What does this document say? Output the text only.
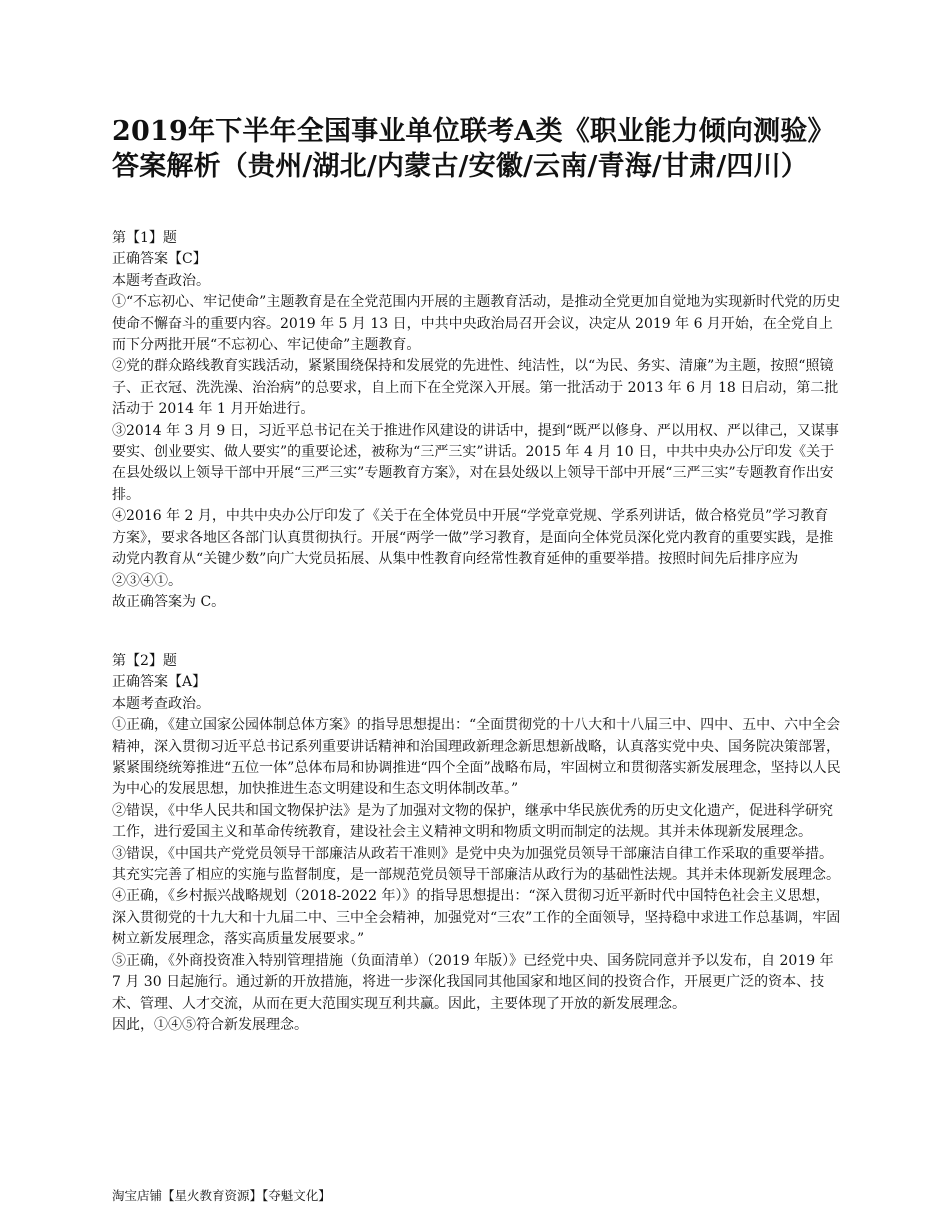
2019年下半年全国事业单位联考A类《职业能力倾向测验》
答案解析（贵州/湖北/内蒙古/安徽/云南/青海/甘肃/四川）

第【1】题

正确答案【C】

本题考查政治。

①“不忘初心、牢记使命”主题教育是在全党范围内开展的主题教育活动，是推动全党更加自觉地为实现新时代党的历史使命不懈奋斗的重要内容。2019 年 5 月 13 日，中共中央政治局召开会议，决定从 2019 年 6 月开始，在全党自上而下分两批开展“不忘初心、牢记使命”主题教育。

②党的群众路线教育实践活动，紧紧围绕保持和发展党的先进性、纯洁性，以“为民、务实、清廉”为主题，按照“照镜子、正衣冠、洗洗澡、治治病”的总要求，自上而下在全党深入开展。第一批活动于 2013 年 6 月 18 日启动，第二批活动于 2014 年 1 月开始进行。

③2014 年 3 月 9 日，习近平总书记在关于推进作风建设的讲话中，提到“既严以修身、严以用权、严以律己，又谋事要实、创业要实、做人要实”的重要论述，被称为“三严三实”讲话。2015 年 4 月 10 日，中共中央办公厅印发《关于在县处级以上领导干部中开展“三严三实”专题教育方案》，对在县处级以上领导干部中开展“三严三实”专题教育作出安排。

④2016 年 2 月，中共中央办公厅印发了《关于在全体党员中开展“学党章党规、学系列讲话，做合格党员”学习教育方案》，要求各地区各部门认真贯彻执行。开展“两学一做”学习教育，是面向全体党员深化党内教育的重要实践，是推动党内教育从“关键少数”向广大党员拓展、从集中性教育向经常性教育延伸的重要举措。按照时间先后排序应为②③④①。

故正确答案为 C。

第【2】题

正确答案【A】

本题考查政治。

①正确，《建立国家公园体制总体方案》的指导思想提出：“全面贯彻党的十八大和十八届三中、四中、五中、六中全会精神，深入贯彻习近平总书记系列重要讲话精神和治国理政新理念新思想新战略，认真落实党中央、国务院决策部署，紧紧围绕统筹推进“五位一体”总体布局和协调推进“四个全面”战略布局，牢固树立和贯彻落实新发展理念，坚持以人民为中心的发展思想，加快推进生态文明建设和生态文明体制改革。”

②错误，《中华人民共和国文物保护法》是为了加强对文物的保护，继承中华民族优秀的历史文化遗产，促进科学研究工作，进行爱国主义和革命传统教育，建设社会主义精神文明和物质文明而制定的法规。其并未体现新发展理念。

③错误，《中国共产党党员领导干部廉洁从政若干准则》是党中央为加强党员领导干部廉洁自律工作采取的重要举措。其充实完善了相应的实施与监督制度，是一部规范党员领导干部廉洁从政行为的基础性法规。其并未体现新发展理念。

④正确，《乡村振兴战略规划（2018-2022 年）》的指导思想提出：“深入贯彻习近平新时代中国特色社会主义思想，深入贯彻党的十九大和十九届二中、三中全会精神，加强党对“三农”工作的全面领导，坚持稳中求进工作总基调，牢固树立新发展理念，落实高质量发展要求。”

⑤正确，《外商投资准入特别管理措施（负面清单）（2019 年版）》已经党中央、国务院同意并予以发布，自 2019 年 7 月 30 日起施行。通过新的开放措施，将进一步深化我国同其他国家和地区间的投资合作，开展更广泛的资本、技术、管理、人才交流，从而在更大范围实现互利共赢。因此，主要体现了开放的新发展理念。

因此，①④⑤符合新发展理念。

淘宝店铺【星火教育资源】【夺魁文化】
